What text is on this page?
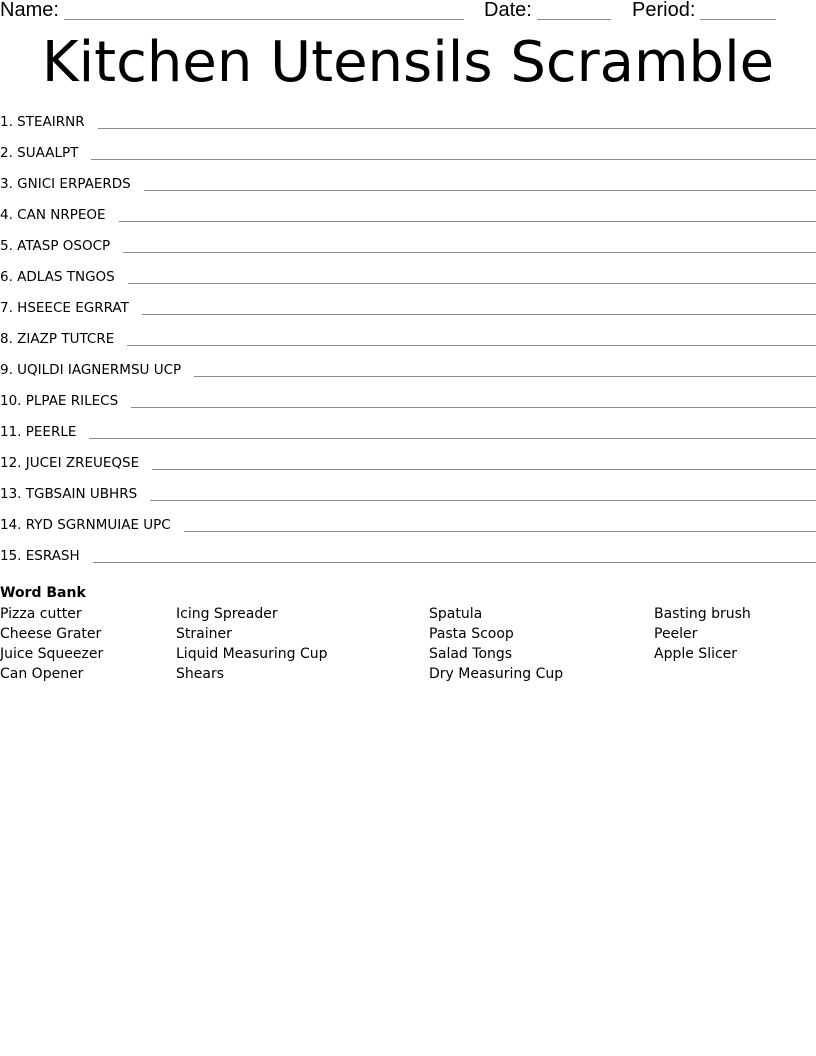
Name:	Date:	Period:
Kitchen Utensils Scramble
1. STEAIRNR
2. SUAALPT
3. GNICI ERPAERDS
4. CAN NRPEOE
5. ATASP OSOCP
6. ADLAS TNGOS
7. HSEECE EGRRAT
8. ZIAZP TUTCRE
9. UQILDI IAGNERMSU UCP
10. PLPAE RILECS
11. PEERLE
12. JUCEI ZREUEQSE
13. TGBSAIN UBHRS
14. RYD SGRNMUIAE UPC
15. ESRASH
Word Bank
Pizza cutter
Cheese Grater
Juice Squeezer
Can Opener
Icing Spreader
Strainer
Liquid Measuring Cup
Shears
Spatula
Pasta Scoop
Salad Tongs
Dry Measuring Cup
Basting brush
Peeler
Apple Slicer
